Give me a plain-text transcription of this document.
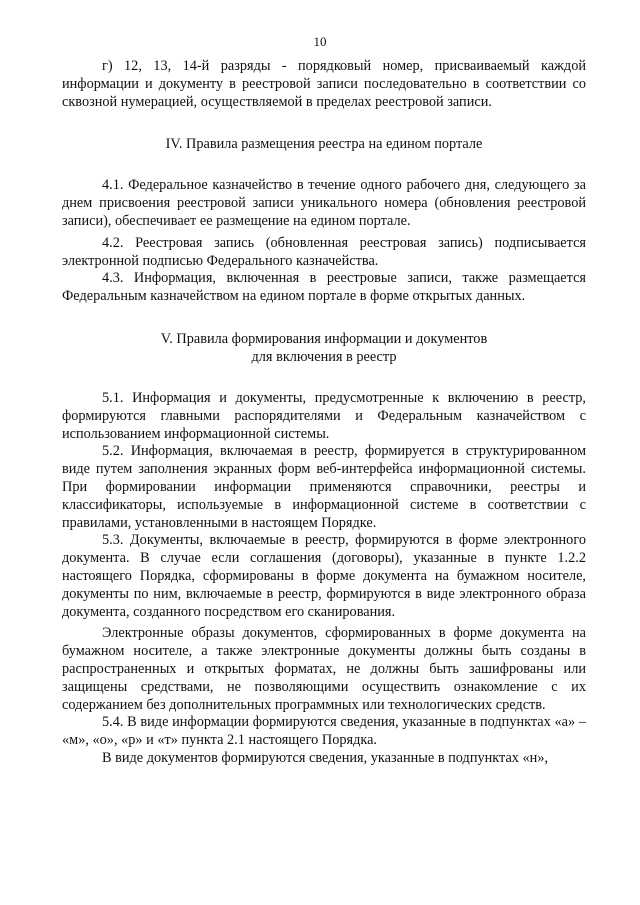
10

г) 12, 13, 14-й разряды - порядковый номер, присваиваемый каждой информации и документу в реестровой записи последовательно в соответствии со сквозной нумерацией, осуществляемой в пределах реестровой записи.

IV. Правила размещения реестра на едином портале

4.1. Федеральное казначейство в течение одного рабочего дня, следующего за днем присвоения реестровой записи уникального номера (обновления реестровой записи), обеспечивает ее размещение на едином портале.

4.2. Реестровая запись (обновленная реестровая запись) подписывается электронной подписью Федерального казначейства.

4.3. Информация, включенная в реестровые записи, также размещается Федеральным казначейством на едином портале в форме открытых данных.

V. Правила формирования информации и документов

для включения в реестр

5.1. Информация и документы, предусмотренные к включению в реестр, формируются главными распорядителями и Федеральным казначейством с использованием информационной системы.

5.2. Информация, включаемая в реестр, формируется в структурированном виде путем заполнения экранных форм веб-интерфейса информационной системы. При формировании информации применяются справочники, реестры и классификаторы, используемые в информационной системе в соответствии с правилами, установленными в настоящем Порядке.

5.3. Документы, включаемые в реестр, формируются в форме электронного документа. В случае если соглашения (договоры), указанные в пункте 1.2.2 настоящего Порядка, сформированы в форме документа на бумажном носителе, документы по ним, включаемые в реестр, формируются в виде электронного образа документа, созданного посредством его сканирования.

Электронные образы документов, сформированных в форме документа на бумажном носителе, а также электронные документы должны быть созданы в распространенных и открытых форматах, не должны быть зашифрованы или защищены средствами, не позволяющими осуществить ознакомление с их содержанием без дополнительных программных или технологических средств.

5.4. В виде информации формируются сведения, указанные в подпунктах «а» – «м», «о», «р» и «т» пункта 2.1 настоящего Порядка.

В виде документов формируются сведения, указанные в подпунктах «н»,
